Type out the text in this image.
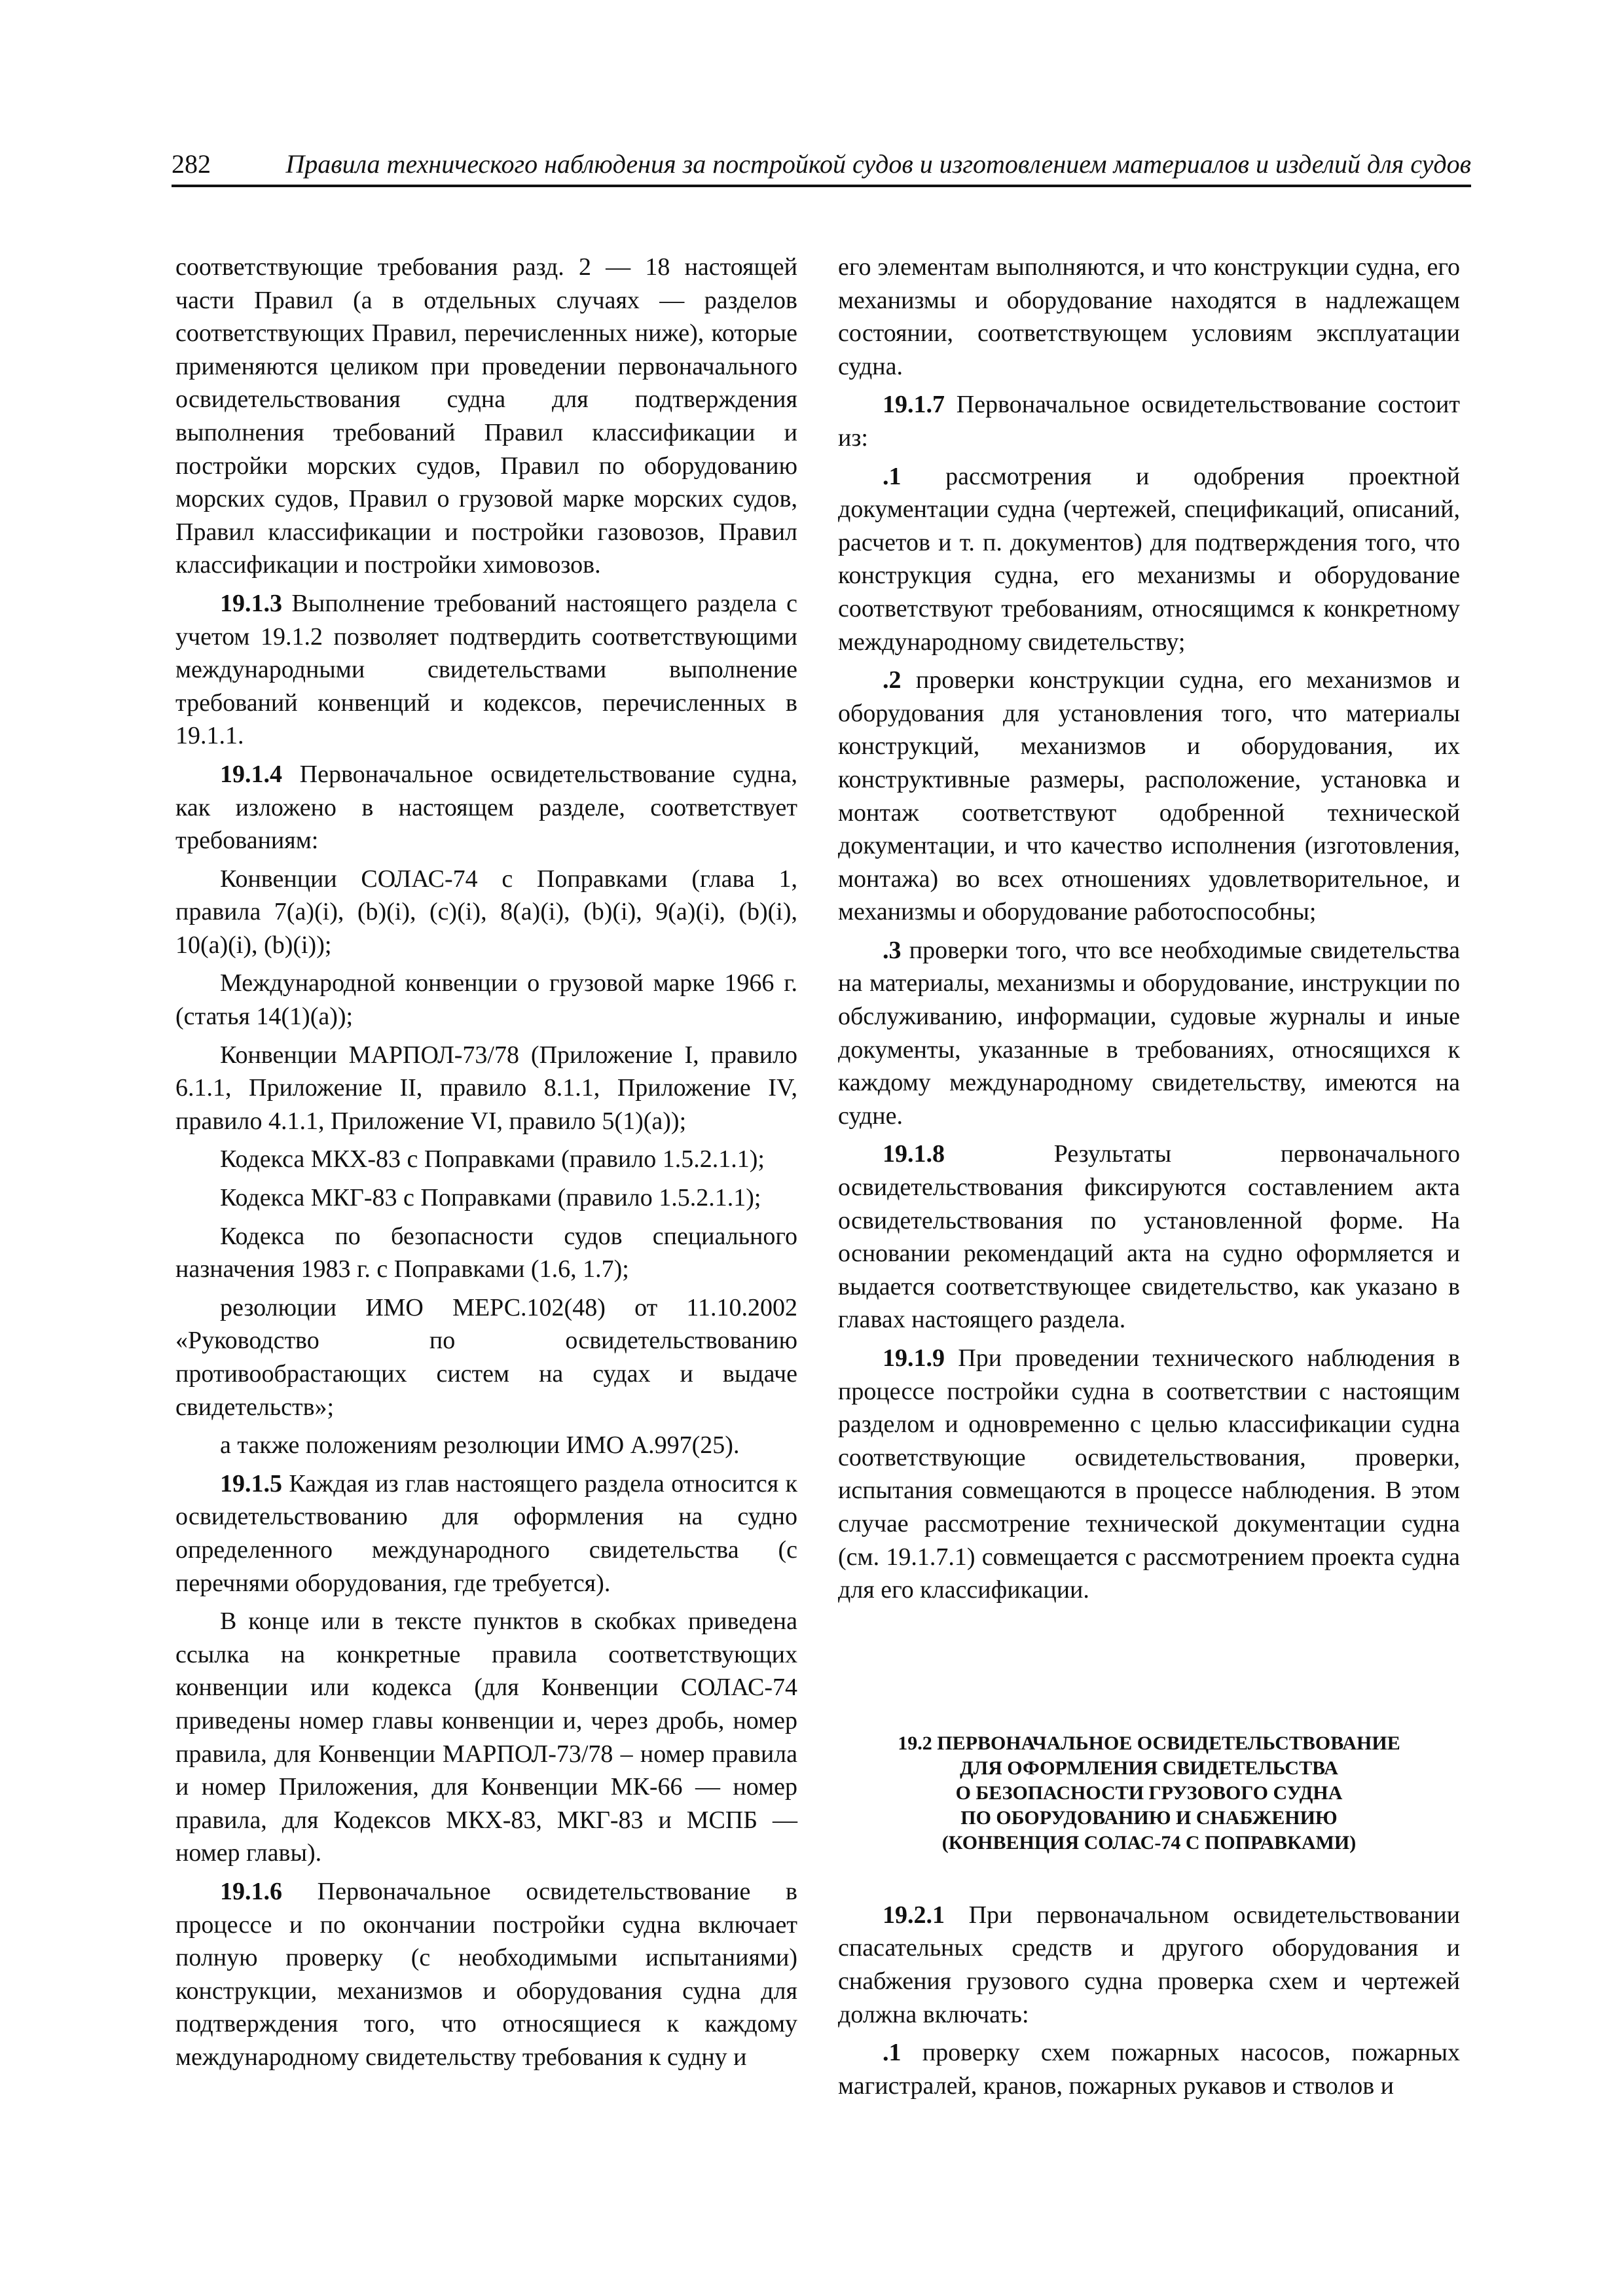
282	Правила технического наблюдения за постройкой судов и изготовлением материалов и изделий для судов

соответствующие требования разд. 2 — 18 настоящей части Правил (а в отдельных случаях — разделов соответствующих Правил, перечисленных ниже), которые применяются целиком при проведении первоначального освидетельствования судна для подтверждения выполнения требований Правил классификации и постройки морских судов, Правил по оборудованию морских судов, Правил о грузовой марке морских судов, Правил классификации и постройки газовозов, Правил классификации и постройки химовозов.

19.1.3 Выполнение требований настоящего раздела с учетом 19.1.2 позволяет подтвердить соответствующими международными свидетельствами выполнение требований конвенций и кодексов, перечисленных в 19.1.1.

19.1.4 Первоначальное освидетельствование судна, как изложено в настоящем разделе, соответствует требованиям:

Конвенции СОЛАС-74 с Поправками (глава 1, правила 7(a)(i), (b)(i), (c)(i), 8(a)(i), (b)(i), 9(a)(i), (b)(i), 10(a)(i), (b)(i));

Международной конвенции о грузовой марке 1966 г. (статья 14(1)(a));

Конвенции МАРПОЛ-73/78 (Приложение I, правило 6.1.1, Приложение II, правило 8.1.1, Приложение IV, правило 4.1.1, Приложение VI, правило 5(1)(a));

Кодекса МКХ-83 с Поправками (правило 1.5.2.1.1);

Кодекса МКГ-83 с Поправками (правило 1.5.2.1.1);

Кодекса по безопасности судов специального назначения 1983 г. с Поправками (1.6, 1.7);

резолюции ИМО МЕРС.102(48) от 11.10.2002 «Руководство по освидетельствованию противообрастающих систем на судах и выдаче свидетельств»;

а также положениям резолюции ИМО А.997(25).

19.1.5 Каждая из глав настоящего раздела относится к освидетельствованию для оформления на судно определенного международного свидетельства (с перечнями оборудования, где требуется).

В конце или в тексте пунктов в скобках приведена ссылка на конкретные правила соответствующих конвенции или кодекса (для Конвенции СОЛАС-74 приведены номер главы конвенции и, через дробь, номер правила, для Конвенции МАРПОЛ-73/78 – номер правила и номер Приложения, для Конвенции МК-66 — номер правила, для Кодексов МКХ-83, МКГ-83 и МСПБ — номер главы).

19.1.6 Первоначальное освидетельствование в процессе и по окончании постройки судна включает полную проверку (с необходимыми испытаниями) конструкции, механизмов и оборудования судна для подтверждения того, что относящиеся к каждому международному свидетельству требования к судну и

его элементам выполняются, и что конструкции судна, его механизмы и оборудование находятся в надлежащем состоянии, соответствующем условиям эксплуатации судна.

19.1.7 Первоначальное освидетельствование состоит из:

.1 рассмотрения и одобрения проектной документации судна (чертежей, спецификаций, описаний, расчетов и т. п. документов) для подтверждения того, что конструкция судна, его механизмы и оборудование соответствуют требованиям, относящимся к конкретному международному свидетельству;

.2 проверки конструкции судна, его механизмов и оборудования для установления того, что материалы конструкций, механизмов и оборудования, их конструктивные размеры, расположение, установка и монтаж соответствуют одобренной технической документации, и что качество исполнения (изготовления, монтажа) во всех отношениях удовлетворительное, и механизмы и оборудование работоспособны;

.3 проверки того, что все необходимые свидетельства на материалы, механизмы и оборудование, инструкции по обслуживанию, информации, судовые журналы и иные документы, указанные в требованиях, относящихся к каждому международному свидетельству, имеются на судне.

19.1.8 Результаты первоначального освидетельствования фиксируются составлением акта освидетельствования по установленной форме. На основании рекомендаций акта на судно оформляется и выдается соответствующее свидетельство, как указано в главах настоящего раздела.

19.1.9 При проведении технического наблюдения в процессе постройки судна в соответствии с настоящим разделом и одновременно с целью классификации судна соответствующие освидетельствования, проверки, испытания совмещаются в процессе наблюдения. В этом случае рассмотрение технической документации судна (см. 19.1.7.1) совмещается с рассмотрением проекта судна для его классификации.

19.2 ПЕРВОНАЧАЛЬНОЕ ОСВИДЕТЕЛЬСТВОВАНИЕ
ДЛЯ ОФОРМЛЕНИЯ СВИДЕТЕЛЬСТВА
О БЕЗОПАСНОСТИ ГРУЗОВОГО СУДНА
ПО ОБОРУДОВАНИЮ И СНАБЖЕНИЮ
(КОНВЕНЦИЯ СОЛАС-74 С ПОПРАВКАМИ)

19.2.1 При первоначальном освидетельствовании спасательных средств и другого оборудования и снабжения грузового судна проверка схем и чертежей должна включать:

.1 проверку схем пожарных насосов, пожарных магистралей, кранов, пожарных рукавов и стволов и
